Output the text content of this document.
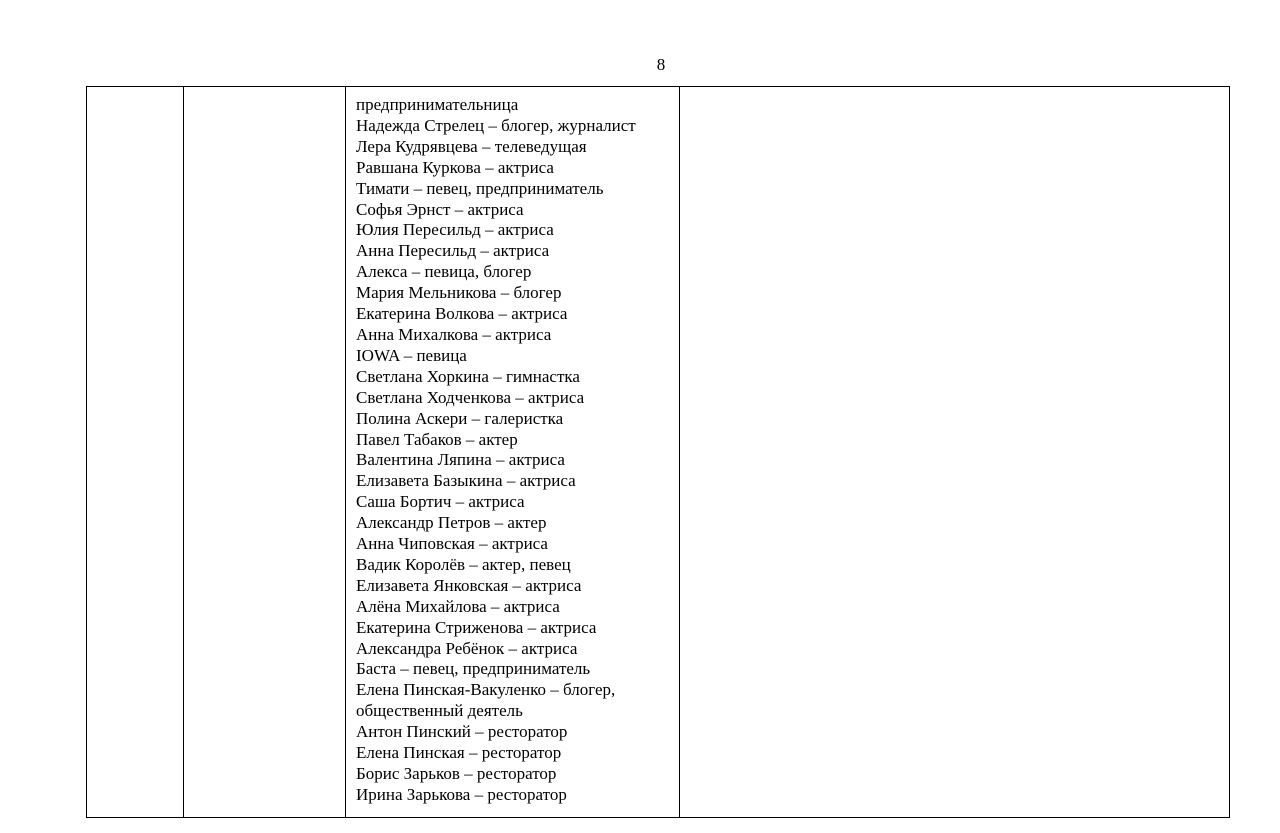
8

предпринимательница
Надежда Стрелец – блогер, журналист
Лера Кудрявцева – телеведущая
Равшана Куркова – актриса
Тимати – певец, предприниматель
Софья Эрнст – актриса
Юлия Пересильд – актриса
Анна Пересильд – актриса
Алекса – певица, блогер
Мария Мельникова – блогер
Екатерина Волкова – актриса
Анна Михалкова – актриса
IOWA – певица
Светлана Хоркина – гимнастка
Светлана Ходченкова – актриса
Полина Аскери – галеристка
Павел Табаков – актер
Валентина Ляпина – актриса
Елизавета Базыкина – актриса
Саша Бортич – актриса
Александр Петров – актер
Анна Чиповская – актриса
Вадик Королёв – актер, певец
Елизавета Янковская – актриса
Алёна Михайлова – актриса
Екатерина Стриженова – актриса
Александра Ребёнок – актриса
Баста – певец, предприниматель
Елена Пинская-Вакуленко – блогер,
общественный деятель
Антон Пинский – ресторатор
Елена Пинская – ресторатор
Борис Зарьков – ресторатор
Ирина Зарькова – ресторатор
